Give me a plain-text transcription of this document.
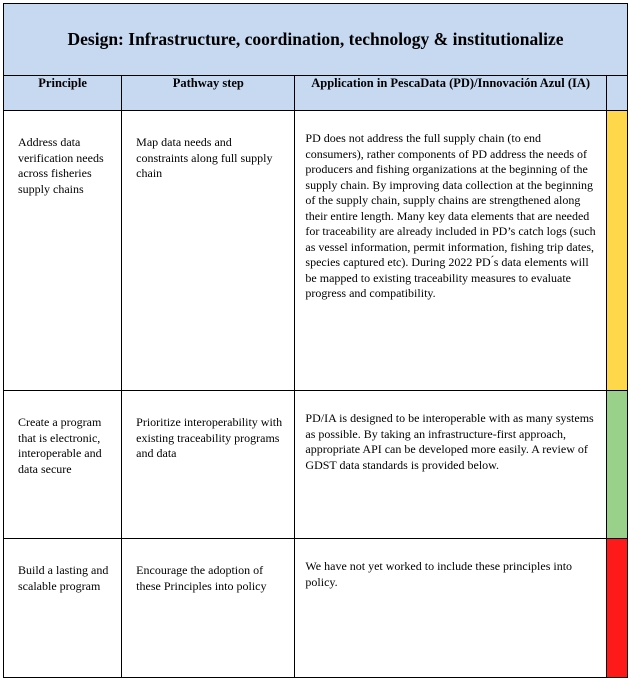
Design: Infrastructure, coordination, technology & institutionalize			
Principle	Pathway step	Application in PescaData (PD)/Innovación Azul (IA)	
Address data verification needs across fisheries supply chains	Map data needs and constraints along full supply chain	PD does not address the full supply chain (to end consumers), rather components of PD address the needs of producers and fishing organizations at the beginning of the supply chain. By improving data collection at the beginning of the supply chain, supply chains are strengthened along their entire length. Many key data elements that are needed for traceability are already included in PD’s catch logs (such as vessel information, permit information, fishing trip dates, species captured etc). During 2022 PD ́s data elements will be mapped to existing traceability measures to evaluate progress and compatibility.	
Create a program that is electronic, interoperable and data secure	Prioritize interoperability with existing traceability programs and data	PD/IA is designed to be interoperable with as many systems as possible. By taking an infrastructure-first approach, appropriate API can be developed more easily. A review of GDST data standards is provided below.	
Build a lasting and scalable program	Encourage the adoption of these Principles into policy	We have not yet worked to include these principles into policy.	
